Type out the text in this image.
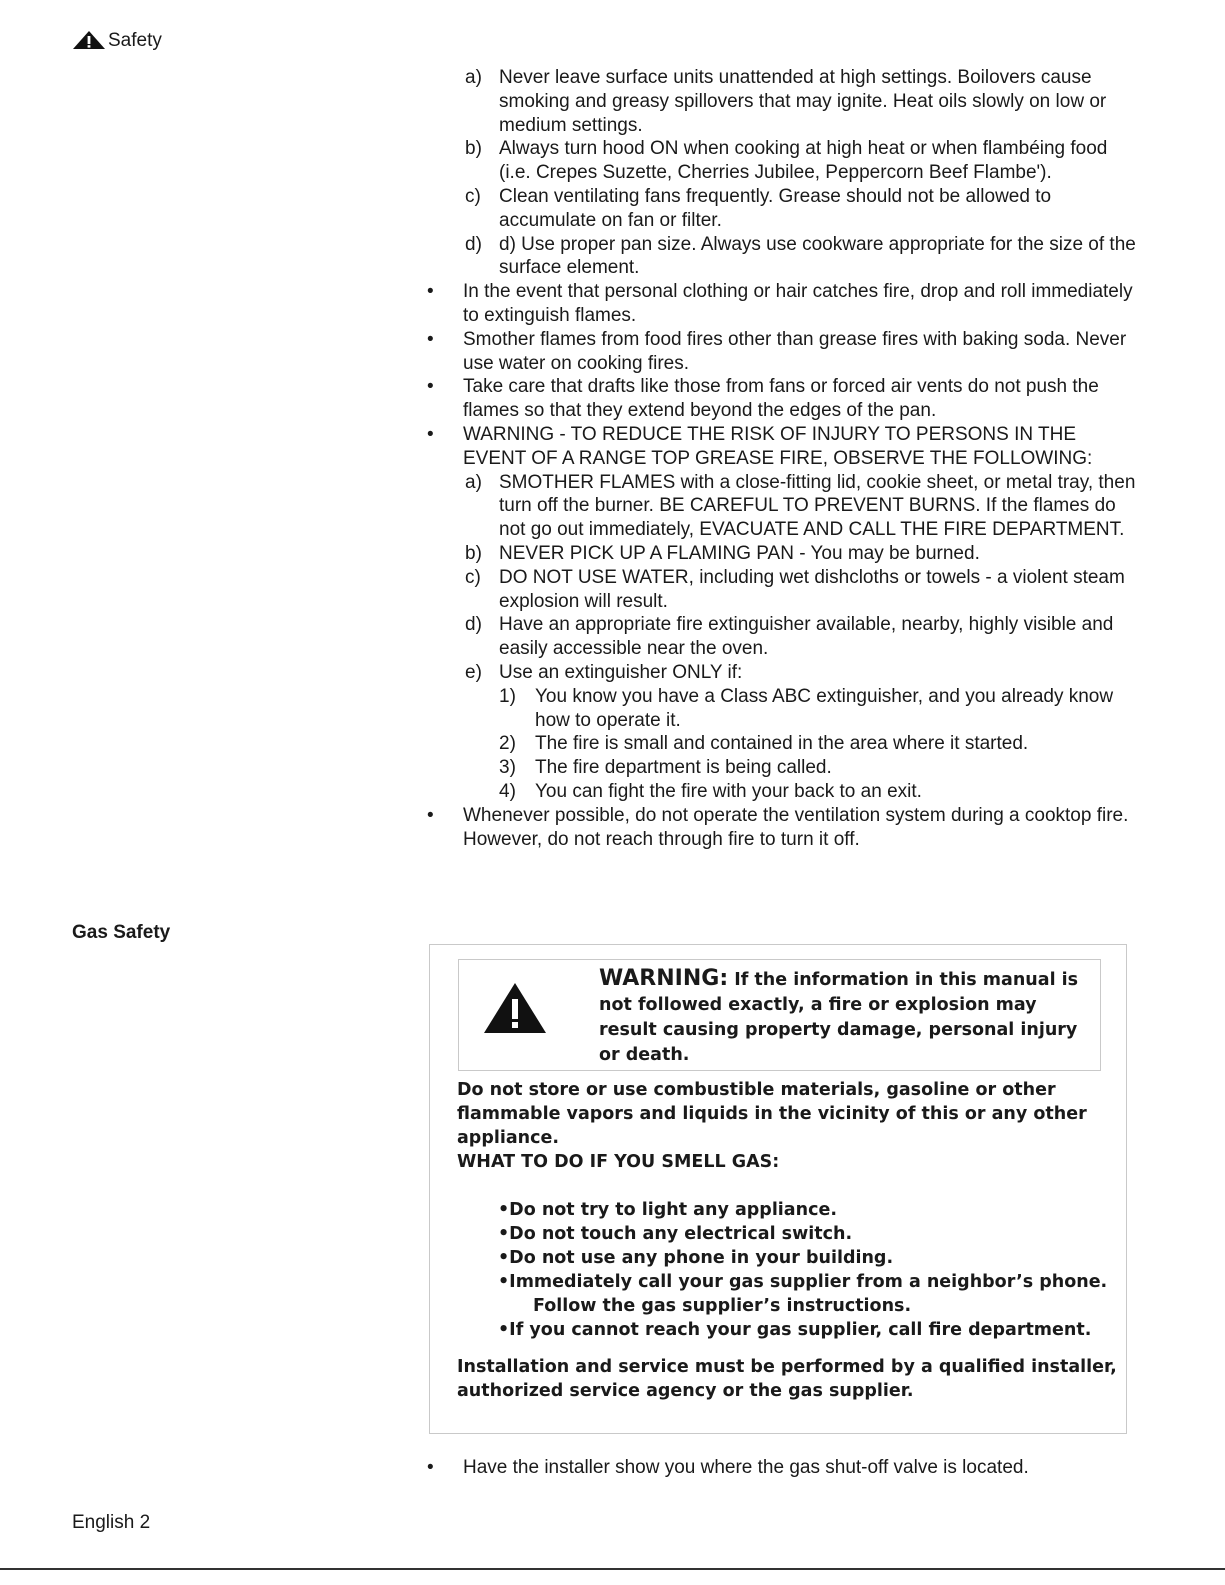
Safety
a) Never leave surface units unattended at high settings. Boilovers cause smoking and greasy spillovers that may ignite. Heat oils slowly on low or medium settings.
b) Always turn hood ON when cooking at high heat or when flambéing food (i.e. Crepes Suzette, Cherries Jubilee, Peppercorn Beef Flambe').
c) Clean ventilating fans frequently. Grease should not be allowed to accumulate on fan or filter.
d) d) Use proper pan size. Always use cookware appropriate for the size of the surface element.
•	In the event that personal clothing or hair catches fire, drop and roll immediately to extinguish flames.
•	Smother flames from food fires other than grease fires with baking soda. Never use water on cooking fires.
•	Take care that drafts like those from fans or forced air vents do not push the flames so that they extend beyond the edges of the pan.
•	WARNING - TO REDUCE THE RISK OF INJURY TO PERSONS IN THE EVENT OF A RANGE TOP GREASE FIRE, OBSERVE THE FOLLOWING:
a) SMOTHER FLAMES with a close-fitting lid, cookie sheet, or metal tray, then turn off the burner. BE CAREFUL TO PREVENT BURNS. If the flames do not go out immediately, EVACUATE AND CALL THE FIRE DEPARTMENT.
b) NEVER PICK UP A FLAMING PAN - You may be burned.
c) DO NOT USE WATER, including wet dishcloths or towels - a violent steam explosion will result.
d) Have an appropriate fire extinguisher available, nearby, highly visible and easily accessible near the oven.
e) Use an extinguisher ONLY if:
1)	You know you have a Class ABC extinguisher, and you already know how to operate it.
2)	The fire is small and contained in the area where it started.
3)	The fire department is being called.
4)	You can fight the fire with your back to an exit.
•	Whenever possible, do not operate the ventilation system during a cooktop fire. However, do not reach through fire to turn it off.
Gas Safety
WARNING: If the information in this manual is not followed exactly, a fire or explosion may result causing property damage, personal injury or death.
Do not store or use combustible materials, gasoline or other flammable vapors and liquids in the vicinity of this or any other appliance.
WHAT TO DO IF YOU SMELL GAS:
•Do not try to light any appliance.
•Do not touch any electrical switch.
•Do not use any phone in your building.
•Immediately call your gas supplier from a neighbor’s phone.
Follow the gas supplier’s instructions.
•If you cannot reach your gas supplier, call fire department.
Installation and service must be performed by a qualified installer, authorized service agency or the gas supplier.
•	Have the installer show you where the gas shut-off valve is located.
English 2
